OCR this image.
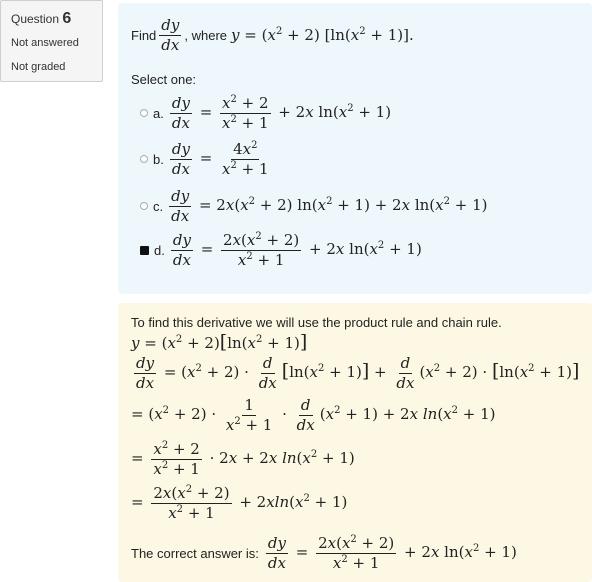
Question 6
Not answered
Not graded
Find $\frac{dy}{dx}$ , where $y = (x^2 + 2) [\ln(x^2 + 1)]$.
Select one:
a. $\frac{dy}{dx} = \frac{x^2 + 2}{x^2 + 1} + 2x$ $\ln(x^2 + 1)$
b. $\frac{dy}{dx} = \frac{4x^2}{x^2 + 1}$
c. $\frac{dy}{dx} = 2x(x^2 + 2) \ln(x^2 + 1) + 2x$ $\ln(x^2 + 1)$
d. $\frac{dy}{dx} = \frac{2x(x^2 + 2)}{x^2 + 1} + 2x$ $\ln(x^2 + 1)$
To find this derivative we will use the product rule and chain rule.
$y = (x^2 + 2)[\ln(x^2 + 1)]$
$\frac{dy}{dx} = (x^2 + 2) \cdot \frac{d}{dx} [\ln(x^2 + 1)] + \frac{d}{dx} (x^2 + 2) \cdot [\ln(x^2 + 1)]$
= $(x^2 + 2) \cdot \frac{1}{x^2 + 1} \cdot \frac{d}{dx} (x^2 + 1) + 2x$ $\ln(x^2 + 1)$
= $\frac{x^2 + 2}{x^2 + 1} \cdot 2x + 2x$ $\ln(x^2 + 1)$
= $\frac{2x(x^2 + 2)}{x^2 + 1} + 2xln(x^2 + 1)$
The correct answer is: $\frac{dy}{dx} = \frac{2x(x^2 + 2)}{x^2 + 1} + 2x$ $\ln(x^2 + 1)$
